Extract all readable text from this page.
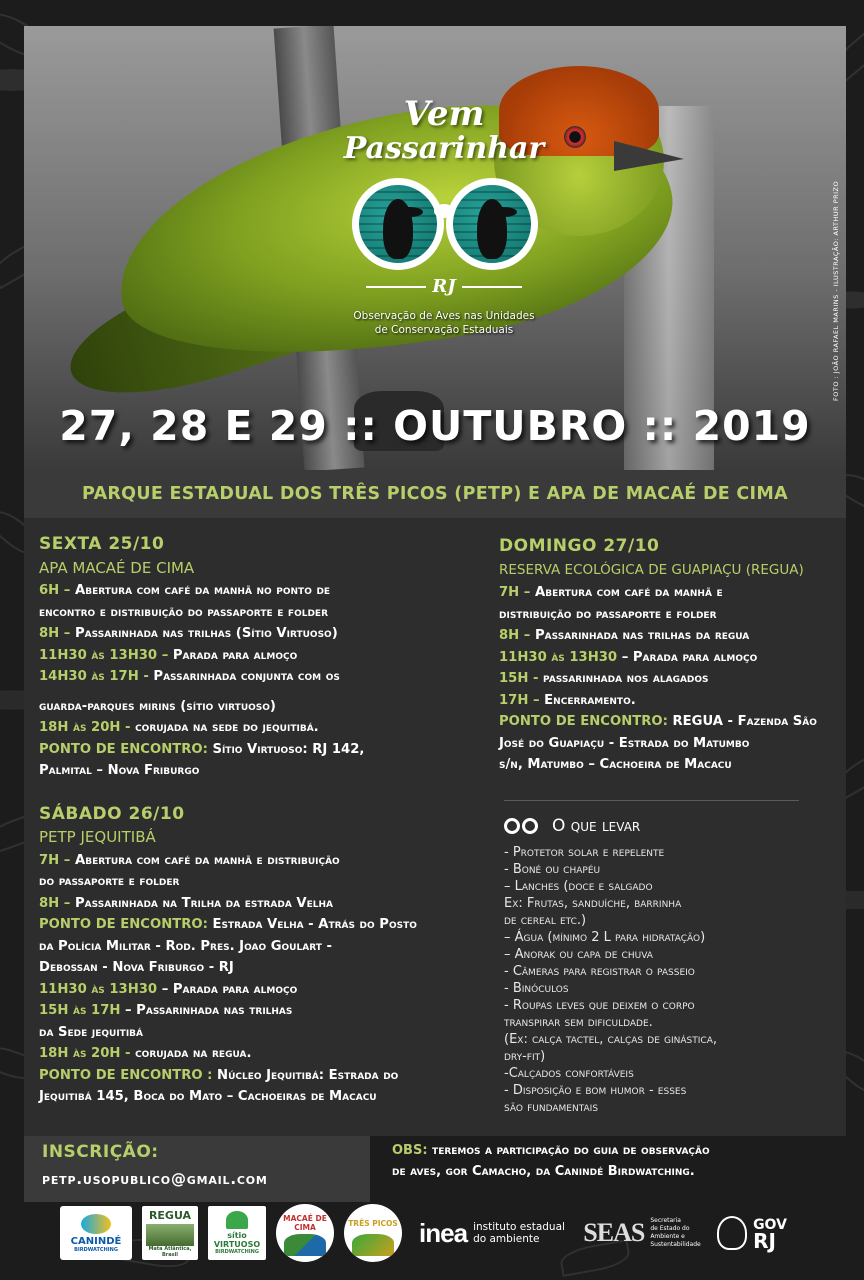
Vem
Passarinhar
RJ
Observação de Aves nas Unidades
de Conservação Estaduais	FOTO : JOÃO RAFAEL MARINS - ILUSTRAÇÃO: ARTHUR PRIZO
27, 28 E 29 :: OUTUBRO :: 2019
PARQUE ESTADUAL DOS TRÊS PICOS (PETP) E APA DE MACAÉ DE CIMA
SEXTA 25/10
APA MACAÉ DE CIMA
6H – Abertura com café da manhã no ponto de
encontro e distribuição do passaporte e folder
8H – Passarinhada nas trilhas (Sítio Virtuoso)
11H30 às 13H30 – Parada para almoço
14H30 às 17H - Passarinhada conjunta com os
guarda-parques mirins (sítio virtuoso)
18H às 20H - corujada na sede do jequitibá.
PONTO DE ENCONTRO: Sítio Virtuoso: RJ 142,
Palmital – Nova Friburgo
SÁBADO 26/10
PETP JEQUITIBÁ
7H – Abertura com café da manhã e distribuição
do passaporte e folder
8H – Passarinhada na Trilha da estrada Velha
PONTO DE ENCONTRO: Estrada Velha - Atrás do Posto
da Polícia Militar - Rod. Pres. Joao Goulart -
Debossan - Nova Friburgo - RJ
11H30 às 13H30 – Parada para almoço
15H às 17H – Passarinhada nas trilhas
da Sede jequitibá
18H às 20H - corujada na regua.
PONTO DE ENCONTRO : Núcleo Jequitibá: Estrada do
Jequitibá 145, Boca do Mato – Cachoeiras de Macacu
DOMINGO 27/10
RESERVA ECOLÓGICA DE GUAPIAÇU (REGUA)
7H – Abertura com café da manhã e
distribuição do passaporte e folder
8H – Passarinhada nas trilhas da regua
11H30 às 13H30 – Parada para almoço
15H - passarinhada nos alagados
17H – Encerramento.
PONTO DE ENCONTRO: REGUA - Fazenda São
José do Guapiaçu - Estrada do Matumbo
s/n, Matumbo – Cachoeira de Macacu
O que levar
- Protetor solar e repelente
- Boné ou chapéu
– Lanches (doce e salgado
Ex: Frutas, sanduíche, barrinha
de cereal etc.)
– Água (mínimo 2 L para hidratação)
– Anorak ou capa de chuva
- Câmeras para registrar o passeio
- Binóculos
- Roupas leves que deixem o corpo
transpirar sem dificuldade.
(Ex: calça tactel, calças de ginástica,
dry-fit)
-Calçados confortáveis
- Disposição e bom humor - esses
são fundamentais
INSCRIÇÃO:
petp.usopublico@gmail.com
OBS: teremos a participação do guia de observação
de aves, gor Camacho, da Canindé Birdwatching.
CANINDÉ
BIRDWATCHING
REGUA
Mata Atlântica, Brasil
sítio VIRTUOSO
BIRDWATCHING
MACAÉ DE CIMA	TRÊS PICOS inea instituto estadual
do ambiente	SEAS Secretaria
de Estado do
Ambiente e
Sustentabilidade
GOV
RJ
